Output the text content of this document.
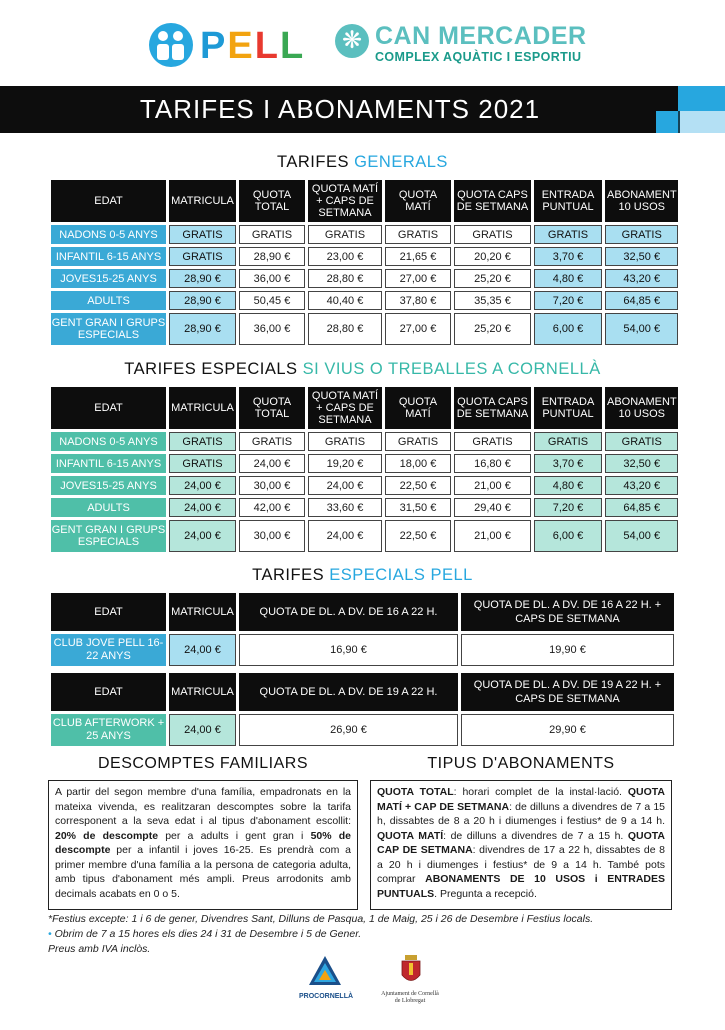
PELL ❋ CAN MERCADER
COMPLEX AQUÀTIC I ESPORTIU
TARIFES I ABONAMENTS 2021
TARIFES GENERALS
EDAT	MATRICULA	QUOTA TOTAL	QUOTA MATÍ + CAPS DE SETMANA	QUOTA MATÍ	QUOTA CAPS DE SETMANA	ENTRADA PUNTUAL	ABONAMENT 10 USOS
NADONS 0-5 ANYS	GRATIS	GRATIS	GRATIS	GRATIS	GRATIS	GRATIS	GRATIS
INFANTIL 6-15 ANYS	GRATIS	28,90 €	23,00 €	21,65 €	20,20 €	3,70 €	32,50 €
JOVES15-25 ANYS	28,90 €	36,00 €	28,80 €	27,00 €	25,20 €	4,80 €	43,20 €
ADULTS	28,90 €	50,45 €	40,40 €	37,80 €	35,35 €	7,20 €	64,85 €
GENT GRAN I GRUPS ESPECIALS	28,90 €	36,00 €	28,80 €	27,00 €	25,20 €	6,00 €	54,00 €
TARIFES ESPECIALS SI VIUS O TREBALLES A CORNELLÀ
EDAT	MATRICULA	QUOTA TOTAL	QUOTA MATÍ + CAPS DE SETMANA	QUOTA MATÍ	QUOTA CAPS DE SETMANA	ENTRADA PUNTUAL	ABONAMENT 10 USOS
NADONS 0-5 ANYS	GRATIS	GRATIS	GRATIS	GRATIS	GRATIS	GRATIS	GRATIS
INFANTIL 6-15 ANYS	GRATIS	24,00 €	19,20 €	18,00 €	16,80 €	3,70 €	32,50 €
JOVES15-25 ANYS	24,00 €	30,00 €	24,00 €	22,50 €	21,00 €	4,80 €	43,20 €
ADULTS	24,00 €	42,00 €	33,60 €	31,50 €	29,40 €	7,20 €	64,85 €
GENT GRAN I GRUPS ESPECIALS	24,00 €	30,00 €	24,00 €	22,50 €	21,00 €	6,00 €	54,00 €
TARIFES ESPECIALS PELL
EDAT	MATRICULA	QUOTA DE DL. A DV. DE 16 A 22 H.	QUOTA DE DL. A DV. DE 16 A 22 H. + CAPS DE SETMANA
CLUB JOVE PELL 16-22 ANYS	24,00 €	16,90 €	19,90 €
EDAT	MATRICULA	QUOTA DE DL. A DV. DE 19 A 22 H.	QUOTA DE DL. A DV. DE 19 A 22 H. + CAPS DE SETMANA
CLUB AFTERWORK + 25 ANYS	24,00 €	26,90 €	29,90 €
DESCOMPTES FAMILIARS	TIPUS D'ABONAMENTS
A partir del segon membre d'una família, empadronats en la mateixa vivenda, es realitzaran descomptes sobre la tarifa corresponent a la seva edat i al tipus d'abonament escollit: 20% de descompte per a adults i gent gran i 50% de descompte per a infantil i joves 16-25. Es prendrà com a primer membre d'una família a la persona de categoria adulta, amb tipus d'abonament més ampli. Preus arrodonits amb decimals acabats en 0 o 5.
QUOTA TOTAL: horari complet de la instal·lació. QUOTA MATÍ + CAP DE SETMANA: de dilluns a divendres de 7 a 15 h, dissabtes de 8 a 20 h i diumenges i festius* de 9 a 14 h. QUOTA MATÍ: de dilluns a divendres de 7 a 15 h. QUOTA CAP DE SETMANA: divendres de 17 a 22 h, dissabtes de 8 a 20 h i diumenges i festius* de 9 a 14 h. També pots comprar ABONAMENTS DE 10 USOS i ENTRADES PUNTUALS. Pregunta a recepció.
*Festius excepte: 1 i 6 de gener, Divendres Sant, Dilluns de Pasqua, 1 de Maig, 25 i 26 de Desembre i Festius locals.
• Obrim de 7 a 15 hores els dies 24 i 31 de Desembre i 5 de Gener.
Preus amb IVA inclòs.
PROCORNELLÀ	Ajuntament de Cornellà
de Llobregat
